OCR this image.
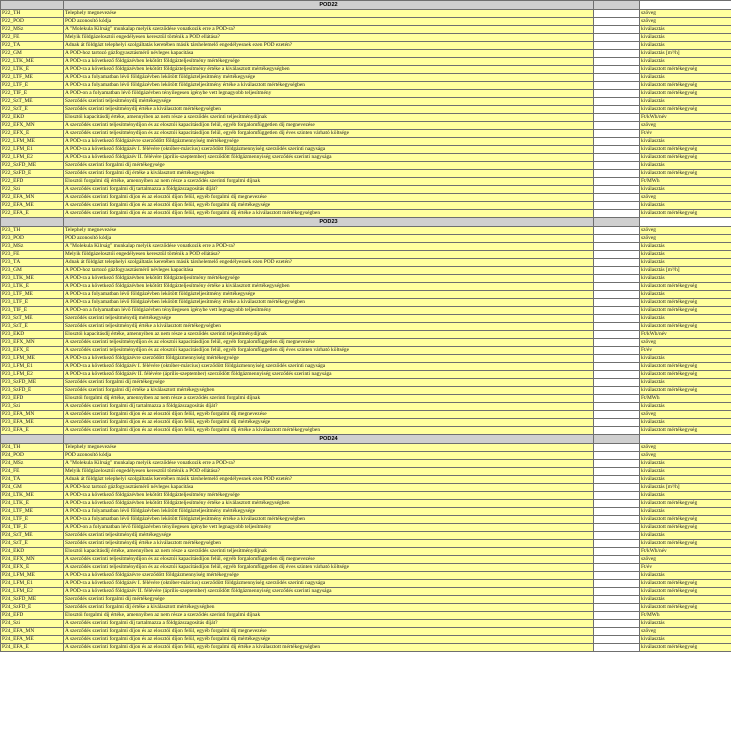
	POD22		
P22_TH	Telephely megnevezése		szöveg
P22_POD	POD azonosító kódja		szöveg
P22_MSz	A "Molekula Kilrság" munkalap melyik szerződése vonatkozik erre a POD-ra?		kiválasztás
P22_FE	Melyik földgázelosztói engedélyesen keresztül történik a POD ellátása?		kiválasztás
P22_TÁ	Adnak át földgázt telephelyi szolgáltatás keretében másik társhelemelő engedélyesnek ezen POD ezetén?		kiválasztás
P22_GM	A POD-hoz tartozó gázfogyasztásmérő névleges kapacitása		kiválasztás [m³/h]
P22_LTK_ME	A POD-ra a következő földgázévben lekötött földgázteljesítmény mértékegysége		kiválasztás
P22_LTK_É	A POD-ra a következő földgázévben lekötött földgázteljesítmény értéke a kiválasztott mértékegységben		kiválasztott mértékegység
P22_LTF_ME	A POD-ra a folyamatban lévő földgázévben lekötött földgázteljesítmény mértékegysége		kiválasztás
P22_LTF_É	A POD-ra a folyamatban lévő földgázévben lekötött földgázteljesítmény értéke a kiválasztott mértékegységben		kiválasztott mértékegység
P22_TIF_É	A POD-on a folyamatban lévő földgázévben tényilegesen igénybe vett legnagyobb teljesítmény		kiválasztott mértékegység
P22_SzT_ME	Szerződés szerinti teljesítménydíj mértékegysége		kiválasztás
P22_SzT_É	Szerződés szerinti teljesítménydíj értéke a kiválasztott mértékegységben		kiválasztott mértékegység
P22_EKD	Elosztói kapacitásdíj értéke, amennyiben az nem része a szerződés szerinti teljesítménydíjnak		Ft/kWh/név
P22_EFX_MN	A szerződés szerinti teljesítménydíjon és az elosztói kapacitásdíjon felül, egyéb forgalomfüggetlen díj megnevezése		szöveg
P22_EFX_É	A szerződés szerinti teljesítménydíjon és az elosztói kapacitásdíjon felül, egyéb forgalomfüggetlen díj éves szinten várható költsége		Ft/év
P22_LFM_ME	A POD-ra a következő földgázévre szerződött földgázmennyiség mértékegysége		kiválasztás
P22_LFM_É1	A POD-ra a következő földgázév I. félévére (október-március) szerződött földgázmennyiség szerződés szerinti nagysága		kiválasztott mértékegység
P22_LFM_É2	A POD-ra a következő földgázév II. félévére (április-szeptember) szerződött földgázmennyiség szerződés szerinti nagysága		kiválasztott mértékegység
P22_SzFD_ME	Szerződés szerinti forgalmi díj mértékegysége		kiválasztás
P22_SzFD_É	Szerződés szerinti forgalmi díj értéke a kiválasztott mértékegységben		kiválasztott mértékegység
P22_EFD	Elosztói forgalmi díj értéke, amennyiben az nem része a szerződés szerinti forgalmi díjnak		Ft/MWh
P22_Szi	A szerződés szerinti forgalmi díj tartalmazza a földgázszagosítás díját?		kiválasztás
P22_EFA_MN	A szerződés szerinti forgalmi díjon és az elosztói díjon felül, egyéb forgalmi díj megnevezése		szöveg
P22_EFA_ME	A szerződés szerinti forgalmi díjon és az elosztói díjon felül, egyéb forgalmi díj mértékegysége		kiválasztás
P22_EFA_É	A szerződés szerinti forgalmi díjon és az elosztói díjon felül, egyéb forgalmi díj értéke a kiválasztott mértékegységben		kiválasztott mértékegység
	POD23		
P23_TH	Telephely megnevezése		szöveg
P23_POD	POD azonosító kódja		szöveg
P23_MSz	A "Molekula Kilrság" munkalap melyik szerződése vonatkozik erre a POD-ra?		kiválasztás
P23_FE	Melyik földgázelosztói engedélyesen keresztül történik a POD ellátása?		kiválasztás
P23_TÁ	Adnak át földgázt telephelyi szolgáltatás keretében másik társhelemelő engedélyesnek ezen POD ezetén?		kiválasztás
P23_GM	A POD-hoz tartozó gázfogyasztásmérő névleges kapacitása		kiválasztás [m³/h]
P23_LTK_ME	A POD-ra a következő földgázévben lekötött földgázteljesítmény mértékegysége		kiválasztás
P23_LTK_É	A POD-ra a következő földgázévben lekötött földgázteljesítmény értéke a kiválasztott mértékegységben		kiválasztott mértékegység
P23_LTF_ME	A POD-ra a folyamatban lévő földgázévben lekötött földgázteljesítmény mértékegysége		kiválasztás
P23_LTF_É	A POD-ra a folyamatban lévő földgázévben lekötött földgázteljesítmény értéke a kiválasztott mértékegységben		kiválasztott mértékegység
P23_TIF_É	A POD-on a folyamatban lévő földgázévben tényilegesen igénybe vett legnagyobb teljesítmény		kiválasztott mértékegység
P23_SzT_ME	Szerződés szerinti teljesítménydíj mértékegysége		kiválasztás
P23_SzT_É	Szerződés szerinti teljesítménydíj értéke a kiválasztott mértékegységben		kiválasztott mértékegység
P23_EKD	Elosztói kapacitásdíj értéke, amennyiben az nem része a szerződés szerinti teljesítménydíjnak		Ft/kWh/név
P23_EFX_MN	A szerződés szerinti teljesítménydíjon és az elosztói kapacitásdíjon felül, egyéb forgalomfüggetlen díj megnevezése		szöveg
P23_EFX_É	A szerződés szerinti teljesítménydíjon és az elosztói kapacitásdíjon felül, egyéb forgalomfüggetlen díj éves szinten várható költsége		Ft/év
P23_LFM_ME	A POD-ra a következő földgázévre szerződött földgázmennyiség mértékegysége		kiválasztás
P23_LFM_É1	A POD-ra a következő földgázév I. félévére (október-március) szerződött földgázmennyiség szerződés szerinti nagysága		kiválasztott mértékegység
P23_LFM_É2	A POD-ra a következő földgázév II. félévére (április-szeptember) szerződött földgázmennyiség szerződés szerinti nagysága		kiválasztott mértékegység
P23_SzFD_ME	Szerződés szerinti forgalmi díj mértékegysége		kiválasztás
P23_SzFD_É	Szerződés szerinti forgalmi díj értéke a kiválasztott mértékegységben		kiválasztott mértékegység
P23_EFD	Elosztói forgalmi díj értéke, amennyiben az nem része a szerződés szerinti forgalmi díjnak		Ft/MWh
P23_Szi	A szerződés szerinti forgalmi díj tartalmazza a földgázszagosítás díját?		kiválasztás
P23_EFA_MN	A szerződés szerinti forgalmi díjon és az elosztói díjon felül, egyéb forgalmi díj megnevezése		szöveg
P23_EFA_ME	A szerződés szerinti forgalmi díjon és az elosztói díjon felül, egyéb forgalmi díj mértékegysége		kiválasztás
P23_EFA_É	A szerződés szerinti forgalmi díjon és az elosztói díjon felül, egyéb forgalmi díj értéke a kiválasztott mértékegységben		kiválasztott mértékegység
	POD24		
P24_TH	Telephely megnevezése		szöveg
P24_POD	POD azonosító kódja		szöveg
P24_MSz	A "Molekula Kilrság" munkalap melyik szerződése vonatkozik erre a POD-ra?		kiválasztás
P24_FE	Melyik földgázelosztói engedélyesen keresztül történik a POD ellátása?		kiválasztás
P24_TÁ	Adnak át földgázt telephelyi szolgáltatás keretében másik társhelemelő engedélyesnek ezen POD ezetén?		kiválasztás
P24_GM	A POD-hoz tartozó gázfogyasztásmérő névleges kapacitása		kiválasztás [m³/h]
P24_LTK_ME	A POD-ra a következő földgázévben lekötött földgázteljesítmény mértékegysége		kiválasztás
P24_LTK_É	A POD-ra a következő földgázévben lekötött földgázteljesítmény értéke a kiválasztott mértékegységben		kiválasztott mértékegység
P24_LTF_ME	A POD-ra a folyamatban lévő földgázévben lekötött földgázteljesítmény mértékegysége		kiválasztás
P24_LTF_É	A POD-ra a folyamatban lévő földgázévben lekötött földgázteljesítmény értéke a kiválasztott mértékegységben		kiválasztott mértékegység
P24_TIF_É	A POD-on a folyamatban lévő földgázévben tényilegesen igénybe vett legnagyobb teljesítmény		kiválasztott mértékegység
P24_SzT_ME	Szerződés szerinti teljesítménydíj mértékegysége		kiválasztás
P24_SzT_É	Szerződés szerinti teljesítménydíj értéke a kiválasztott mértékegységben		kiválasztott mértékegység
P24_EKD	Elosztói kapacitásdíj értéke, amennyiben az nem része a szerződés szerinti teljesítménydíjnak		Ft/kWh/név
P24_EFX_MN	A szerződés szerinti teljesítménydíjon és az elosztói kapacitásdíjon felül, egyéb forgalomfüggetlen díj megnevezése		szöveg
P24_EFX_É	A szerződés szerinti teljesítménydíjon és az elosztói kapacitásdíjon felül, egyéb forgalomfüggetlen díj éves szinten várható költsége		Ft/év
P24_LFM_ME	A POD-ra a következő földgázévre szerződött földgázmennyiség mértékegysége		kiválasztás
P24_LFM_É1	A POD-ra a következő földgázév I. félévére (október-március) szerződött földgázmennyiség szerződés szerinti nagysága		kiválasztott mértékegység
P24_LFM_É2	A POD-ra a következő földgázév II. félévére (április-szeptember) szerződött földgázmennyiség szerződés szerinti nagysága		kiválasztott mértékegység
P24_SzFD_ME	Szerződés szerinti forgalmi díj mértékegysége		kiválasztás
P24_SzFD_É	Szerződés szerinti forgalmi díj értéke a kiválasztott mértékegységben		kiválasztott mértékegység
P24_EFD	Elosztói forgalmi díj értéke, amennyiben az nem része a szerződés szerinti forgalmi díjnak		Ft/MWh
P24_Szi	A szerződés szerinti forgalmi díj tartalmazza a földgázszagosítás díját?		kiválasztás
P24_EFA_MN	A szerződés szerinti forgalmi díjon és az elosztói díjon felül, egyéb forgalmi díj megnevezése		szöveg
P24_EFA_ME	A szerződés szerinti forgalmi díjon és az elosztói díjon felül, egyéb forgalmi díj mértékegysége		kiválasztás
P24_EFA_É	A szerződés szerinti forgalmi díjon és az elosztói díjon felül, egyéb forgalmi díj értéke a kiválasztott mértékegységben		kiválasztott mértékegység
